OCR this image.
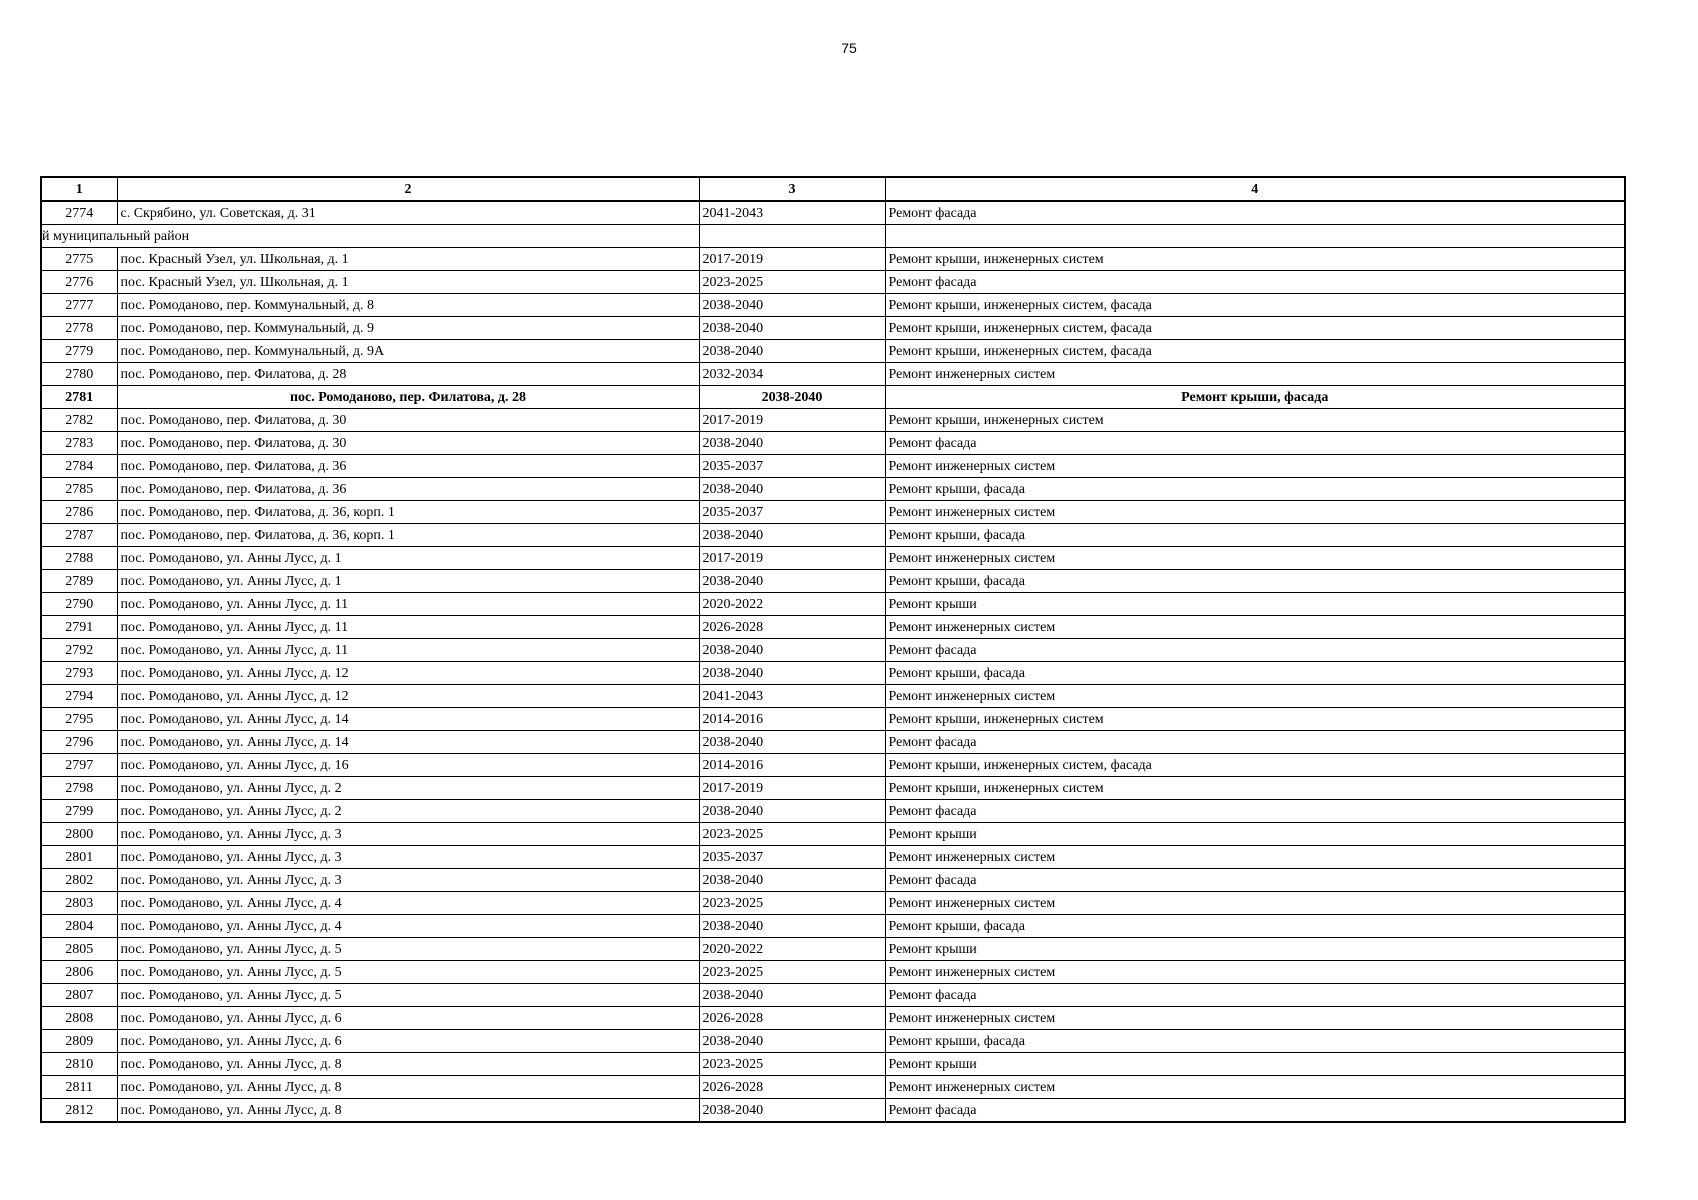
75
1	2	3	4
2774	с. Скрябино, ул. Советская, д. 31	2041-2043	Ремонт фасада
й муниципальный район			
2775	пос. Красный Узел, ул. Школьная, д. 1	2017-2019	Ремонт крыши, инженерных систем
2776	пос. Красный Узел, ул. Школьная, д. 1	2023-2025	Ремонт фасада
2777	пос. Ромоданово, пер. Коммунальный, д. 8	2038-2040	Ремонт крыши, инженерных систем, фасада
2778	пос. Ромоданово, пер. Коммунальный, д. 9	2038-2040	Ремонт крыши, инженерных систем, фасада
2779	пос. Ромоданово, пер. Коммунальный, д. 9А	2038-2040	Ремонт крыши, инженерных систем, фасада
2780	пос. Ромоданово, пер. Филатова, д. 28	2032-2034	Ремонт инженерных систем
2781	пос. Ромоданово, пер. Филатова, д. 28	2038-2040	Ремонт крыши, фасада
2782	пос. Ромоданово, пер. Филатова, д. 30	2017-2019	Ремонт крыши, инженерных систем
2783	пос. Ромоданово, пер. Филатова, д. 30	2038-2040	Ремонт фасада
2784	пос. Ромоданово, пер. Филатова, д. 36	2035-2037	Ремонт инженерных систем
2785	пос. Ромоданово, пер. Филатова, д. 36	2038-2040	Ремонт крыши, фасада
2786	пос. Ромоданово, пер. Филатова, д. 36, корп. 1	2035-2037	Ремонт инженерных систем
2787	пос. Ромоданово, пер. Филатова, д. 36, корп. 1	2038-2040	Ремонт крыши, фасада
2788	пос. Ромоданово, ул. Анны Лусс, д. 1	2017-2019	Ремонт инженерных систем
2789	пос. Ромоданово, ул. Анны Лусс, д. 1	2038-2040	Ремонт крыши, фасада
2790	пос. Ромоданово, ул. Анны Лусс, д. 11	2020-2022	Ремонт крыши
2791	пос. Ромоданово, ул. Анны Лусс, д. 11	2026-2028	Ремонт инженерных систем
2792	пос. Ромоданово, ул. Анны Лусс, д. 11	2038-2040	Ремонт фасада
2793	пос. Ромоданово, ул. Анны Лусс, д. 12	2038-2040	Ремонт крыши, фасада
2794	пос. Ромоданово, ул. Анны Лусс, д. 12	2041-2043	Ремонт инженерных систем
2795	пос. Ромоданово, ул. Анны Лусс, д. 14	2014-2016	Ремонт крыши, инженерных систем
2796	пос. Ромоданово, ул. Анны Лусс, д. 14	2038-2040	Ремонт фасада
2797	пос. Ромоданово, ул. Анны Лусс, д. 16	2014-2016	Ремонт крыши, инженерных систем, фасада
2798	пос. Ромоданово, ул. Анны Лусс, д. 2	2017-2019	Ремонт крыши, инженерных систем
2799	пос. Ромоданово, ул. Анны Лусс, д. 2	2038-2040	Ремонт фасада
2800	пос. Ромоданово, ул. Анны Лусс, д. 3	2023-2025	Ремонт крыши
2801	пос. Ромоданово, ул. Анны Лусс, д. 3	2035-2037	Ремонт инженерных систем
2802	пос. Ромоданово, ул. Анны Лусс, д. 3	2038-2040	Ремонт фасада
2803	пос. Ромоданово, ул. Анны Лусс, д. 4	2023-2025	Ремонт инженерных систем
2804	пос. Ромоданово, ул. Анны Лусс, д. 4	2038-2040	Ремонт крыши, фасада
2805	пос. Ромоданово, ул. Анны Лусс, д. 5	2020-2022	Ремонт крыши
2806	пос. Ромоданово, ул. Анны Лусс, д. 5	2023-2025	Ремонт инженерных систем
2807	пос. Ромоданово, ул. Анны Лусс, д. 5	2038-2040	Ремонт фасада
2808	пос. Ромоданово, ул. Анны Лусс, д. 6	2026-2028	Ремонт инженерных систем
2809	пос. Ромоданово, ул. Анны Лусс, д. 6	2038-2040	Ремонт крыши, фасада
2810	пос. Ромоданово, ул. Анны Лусс, д. 8	2023-2025	Ремонт крыши
2811	пос. Ромоданово, ул. Анны Лусс, д. 8	2026-2028	Ремонт инженерных систем
2812	пос. Ромоданово, ул. Анны Лусс, д. 8	2038-2040	Ремонт фасада
